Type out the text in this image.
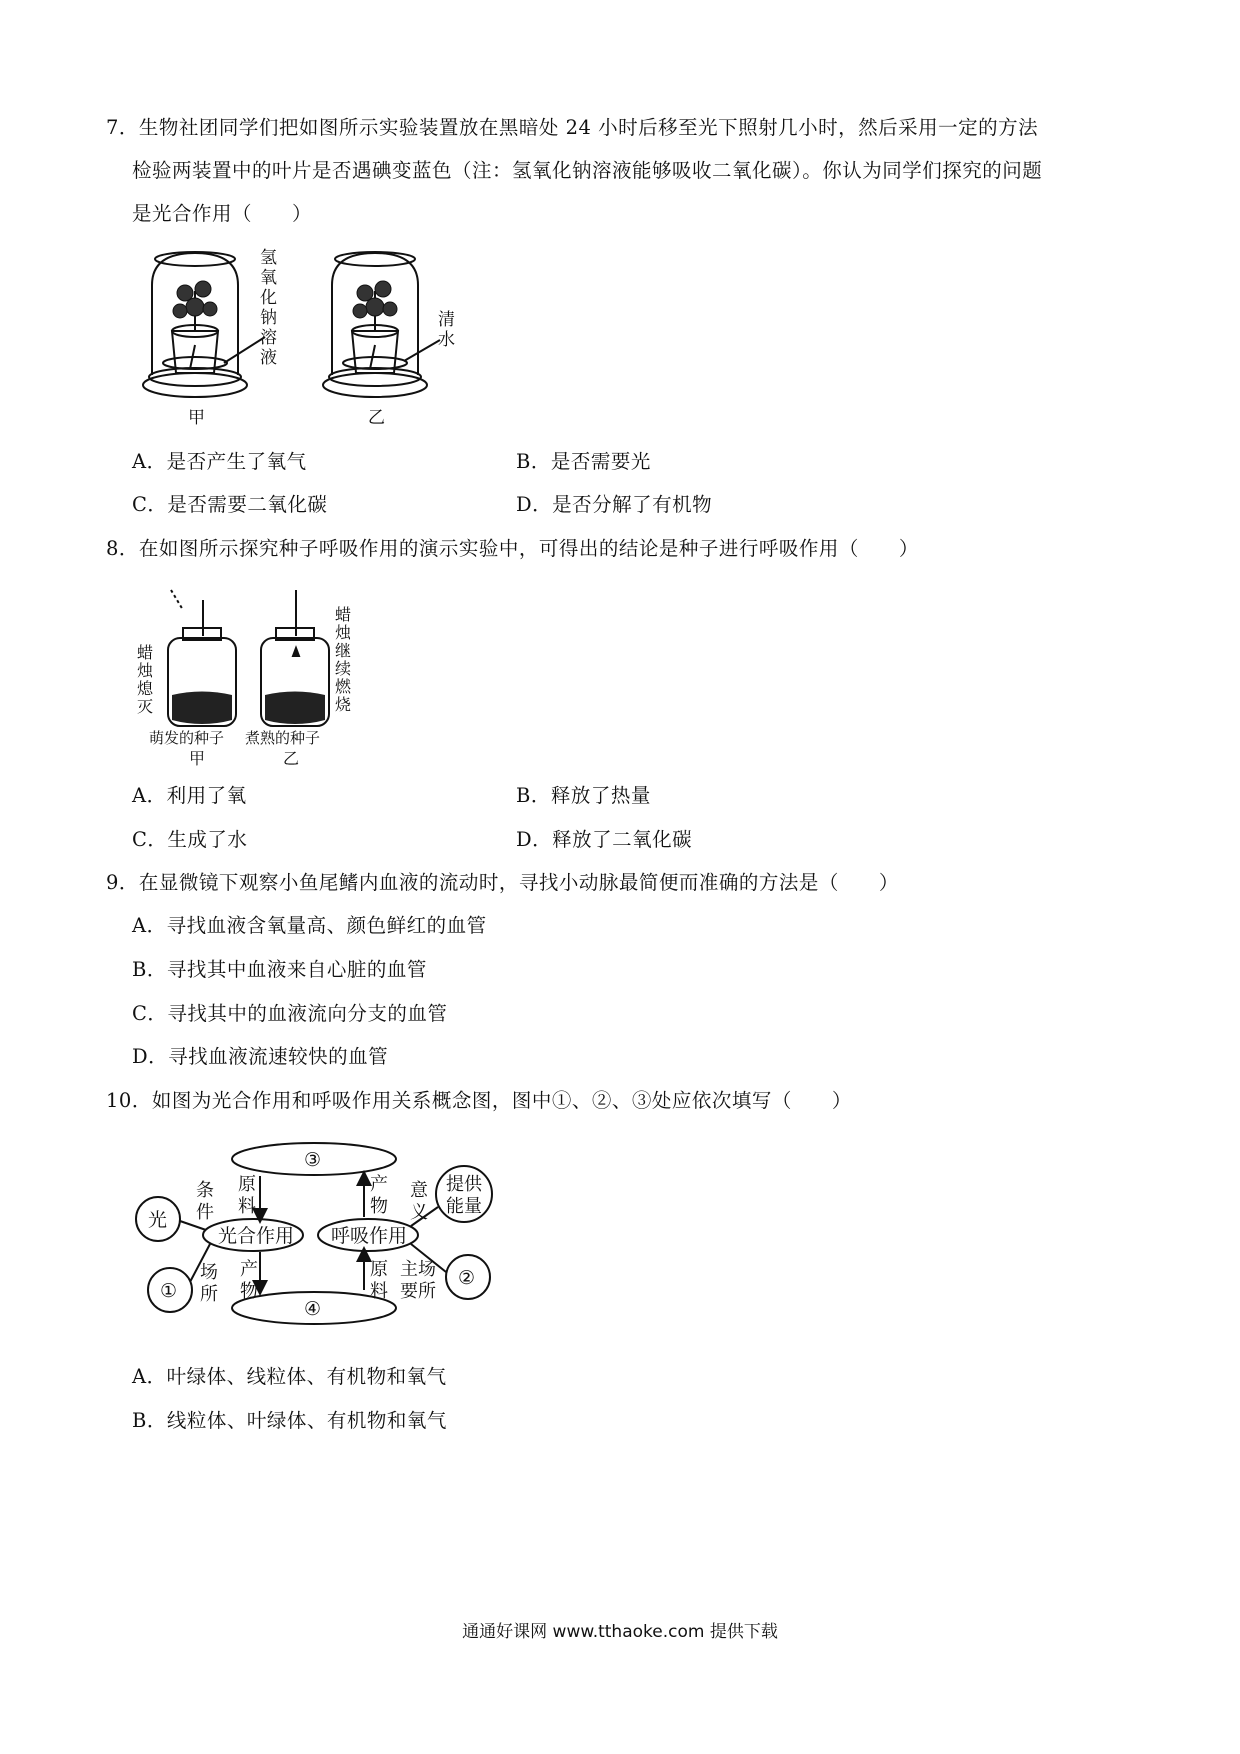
7．生物社团同学们把如图所示实验装置放在黑暗处 24 小时后移至光下照射几小时，然后采用一定的方法
检验两装置中的叶片是否遇碘变蓝色（注：氢氧化钠溶液能够吸收二氧化碳）。你认为同学们探究的问题
是光合作用（　　）
氢
氧
化
钠
溶
液
清
水
甲	乙
A．是否产生了氧气	B．是否需要光
C．是否需要二氧化碳	D．是否分解了有机物
8．在如图所示探究种子呼吸作用的演示实验中，可得出的结论是种子进行呼吸作用（　　）
蜡
烛
熄
灭
蜡
烛
继
续
燃
烧
萌发的种子 煮熟的种子
甲	乙
A．利用了氧	B．释放了热量
C．生成了水	D．释放了二氧化碳
9．在显微镜下观察小鱼尾鳍内血液的流动时，寻找小动脉最简便而准确的方法是（　　）
A．寻找血液含氧量高、颜色鲜红的血管
B．寻找其中血液来自心脏的血管
C．寻找其中的血液流向分支的血管
D．寻找血液流速较快的血管
10．如图为光合作用和呼吸作用关系概念图，图中①、②、③处应依次填写（　　）
③
④
光合作用 呼吸作用
光
①
②
提供
能量
条
件
场
所
原
料
产
物
产
物
原
料
意
义
主场
要所
A．叶绿体、线粒体、有机物和氧气
B．线粒体、叶绿体、有机物和氧气
通通好课网 www.tthaoke.com 提供下载
